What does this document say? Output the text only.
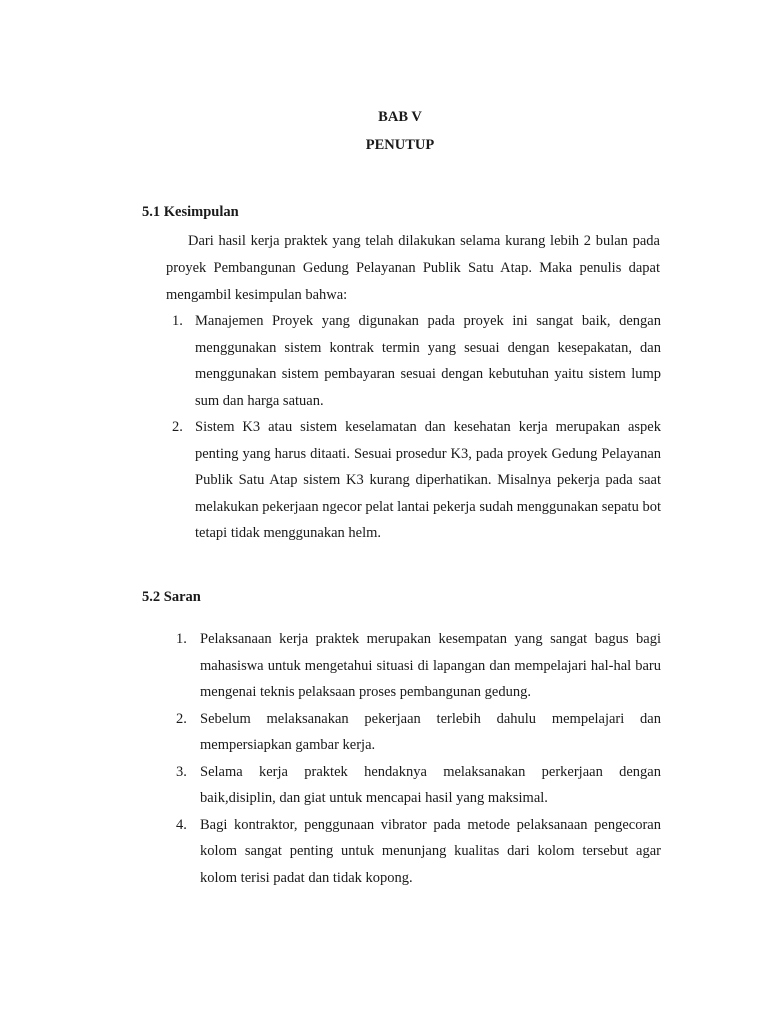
BAB V
PENUTUP
5.1 Kesimpulan
Dari hasil kerja praktek yang telah dilakukan selama kurang lebih 2 bulan pada proyek Pembangunan Gedung Pelayanan Publik Satu Atap. Maka penulis dapat mengambil kesimpulan bahwa:
1. Manajemen Proyek yang digunakan pada proyek ini sangat baik, dengan menggunakan sistem kontrak termin yang sesuai dengan kesepakatan, dan menggunakan sistem pembayaran sesuai dengan kebutuhan yaitu sistem lump sum dan harga satuan.
2. Sistem K3 atau sistem keselamatan dan kesehatan kerja merupakan aspek penting yang harus ditaati. Sesuai prosedur K3, pada proyek Gedung Pelayanan Publik Satu Atap sistem K3 kurang diperhatikan. Misalnya pekerja pada saat melakukan pekerjaan ngecor pelat lantai pekerja sudah menggunakan sepatu bot tetapi tidak menggunakan helm.
5.2 Saran
1. Pelaksanaan kerja praktek merupakan kesempatan yang sangat bagus bagi mahasiswa untuk mengetahui situasi di lapangan dan mempelajari hal-hal baru mengenai teknis pelaksaan proses pembangunan gedung.
2. Sebelum melaksanakan pekerjaan terlebih dahulu mempelajari dan mempersiapkan gambar kerja.
3. Selama kerja praktek hendaknya melaksanakan perkerjaan dengan baik,disiplin, dan giat untuk mencapai hasil yang maksimal.
4. Bagi kontraktor, penggunaan vibrator pada metode pelaksanaan pengecoran kolom sangat penting untuk menunjang kualitas dari kolom tersebut agar kolom terisi padat dan tidak kopong.
